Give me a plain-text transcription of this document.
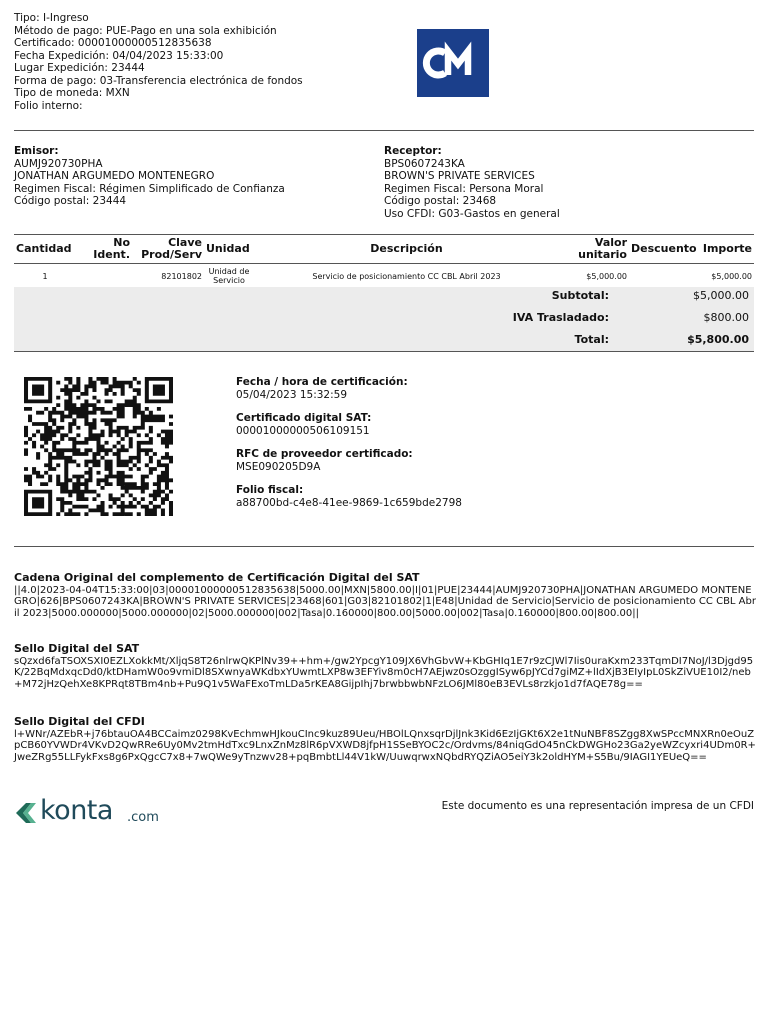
Tipo: I-Ingreso
Método de pago: PUE-Pago en una sola exhibición
Certificado: 00001000000512835638
Fecha Expedición: 04/04/2023 15:33:00
Lugar Expedición: 23444
Forma de pago: 03-Transferencia electrónica de fondos
Tipo de moneda: MXN
Folio interno:
Emisor:
AUMJ920730PHA
JONATHAN ARGUMEDO MONTENEGRO
Regimen Fiscal: Régimen Simplificado de Confianza
Código postal: 23444
Receptor:
BPS0607243KA
BROWN'S PRIVATE SERVICES
Regimen Fiscal: Persona Moral
Código postal: 23468
Uso CFDI: G03-Gastos en general
Cantidad	No Ident.	Clave Prod/Serv	Unidad	Descripción	Valor unitario	Descuento	Importe
1		82101802	Unidad de Servicio	Servicio de posicionamiento CC CBL Abril 2023	$5,000.00		$5,000.00
Subtotal:	$5,000.00
IVA Trasladado:	$800.00
Total:	$5,800.00
Fecha / hora de certificación:
05/04/2023 15:32:59
Certificado digital SAT:
00001000000506109151
RFC de proveedor certificado:
MSE090205D9A
Folio fiscal:
a88700bd-c4e8-41ee-9869-1c659bde2798
Cadena Original del complemento de Certificación Digital del SAT
||4.0|2023-04-04T15:33:00|03|00001000000512835638|5000.00|MXN|5800.00|I|01|PUE|23444|AUMJ920730PHA|JONATHAN ARGUMEDO MONTENEGRO|626|BPS0607243KA|BROWN'S PRIVATE SERVICES|23468|601|G03|82101802|1|E48|Unidad de Servicio|Servicio de posicionamiento CC CBL Abril 2023|5000.000000|5000.000000|02|5000.000000|002|Tasa|0.160000|800.00|5000.00|002|Tasa|0.160000|800.00|800.00||
Sello Digital del SAT
sQzxd6faTSOXSXI0EZLXokkMt/XljqS8T26nlrwQKPlNv39++hm+/gw2YpcgY109JX6VhGbvW+KbGHIq1E7r9zCJWl7Iis0uraKxm233TqmDI7NoJ/l3Djgd95K/22BqMdxqcDd0/ktDHamW0o9vmiDl8SXwnyaWKdbxYUwmtLXP8w3EFYiv8m0cH7AEjwz0sOzggISyw6pJYCd7giMZ+lIdXjB3EIyIpL0SkZiVUE10I2/neb+M72jHzQehXe8KPRqt8TBm4nb+Pu9Q1v5WaFExoTmLDa5rKEA8GijpIhj7brwbbwbNFzLO6JMl80eB3EVLs8rzkjo1d7fAQE78g==
Sello Digital del CFDI
l+WNr/AZEbR+j76btauOA4BCCaimz0298KvEchmwHJkouCInc9kuz89Ueu/HBOlLQnxsqrDjlJnk3Kid6EzIjGKt6X2e1tNuNBF8SZgg8XwSPccMNXRn0eOuZpCB60YVWDr4VKvD2QwRRe6Uy0Mv2tmHdTxc9LnxZnMz8lR6pVXWD8jfpH1SSeBYOC2c/Ordvms/84niqGdO45nCkDWGHo23Ga2yeWZcyxri4UDm0R+JweZRg55LLFykFxs8g6PxQgcC7x8+7wQWe9yTnzwv28+pqBmbtLl44V1kW/UuwqrwxNQbdRYQZiAO5eiY3k2oldHYM+S5Bu/9IAGI1YEUeQ==
konta .com
Este documento es una representación impresa de un CFDI
